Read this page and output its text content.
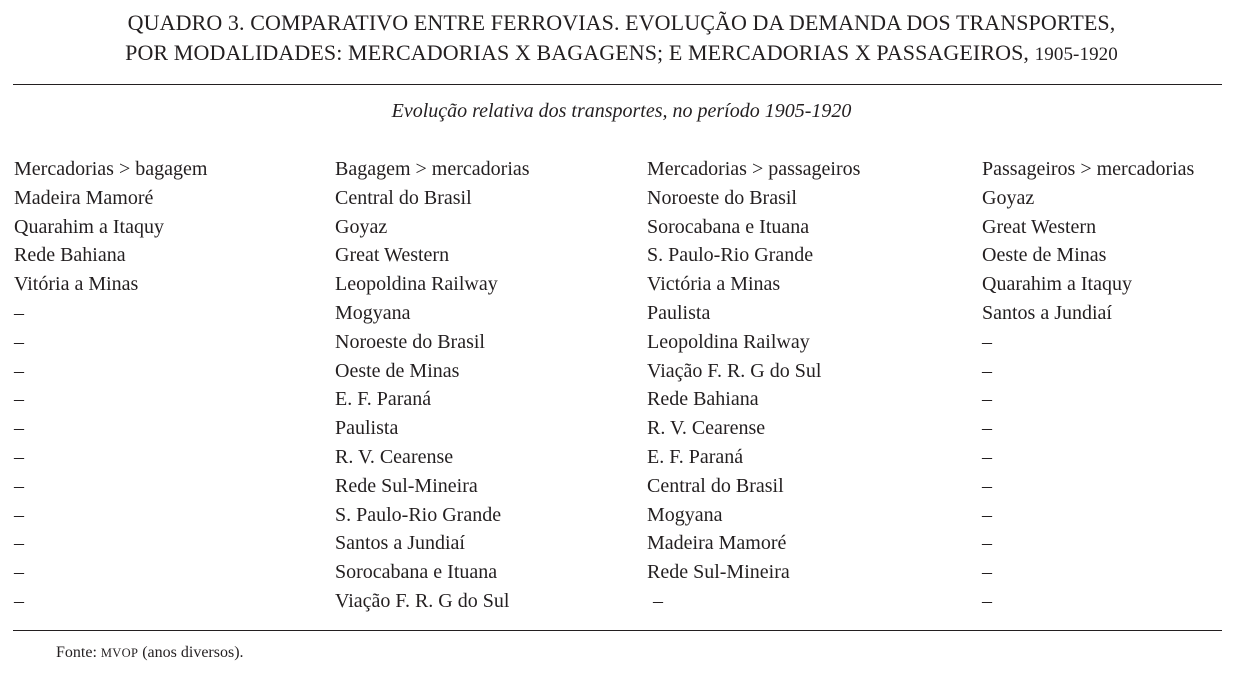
QUADRO 3. COMPARATIVO ENTRE FERROVIAS. EVOLUÇÃO DA DEMANDA DOS TRANSPORTES,
POR MODALIDADES: MERCADORIAS X BAGAGENS; E MERCADORIAS X PASSAGEIROS, 1905-1920
Evolução relativa dos transportes, no período 1905-1920
Mercadorias > bagagem
Madeira Mamoré
Quarahim a Itaquy
Rede Bahiana
Vitória a Minas
–
–
–
–
–
–
–
–
–
–
–
Bagagem > mercadorias
Central do Brasil
Goyaz
Great Western
Leopoldina Railway
Mogyana
Noroeste do Brasil
Oeste de Minas
E. F. Paraná
Paulista
R. V. Cearense
Rede Sul-Mineira
S. Paulo-Rio Grande
Santos a Jundiaí
Sorocabana e Ituana
Viação F. R. G do Sul
Mercadorias > passageiros
Noroeste do Brasil
Sorocabana e Ituana
S. Paulo-Rio Grande
Victória a Minas
Paulista
Leopoldina Railway
Viação F. R. G do Sul
Rede Bahiana
R. V. Cearense
E. F. Paraná
Central do Brasil
Mogyana
Madeira Mamoré
Rede Sul-Mineira
–
Passageiros > mercadorias
Goyaz
Great Western
Oeste de Minas
Quarahim a Itaquy
Santos a Jundiaí
–
–
–
–
–
–
–
–
–
–
Fonte: MVOP (anos diversos).
